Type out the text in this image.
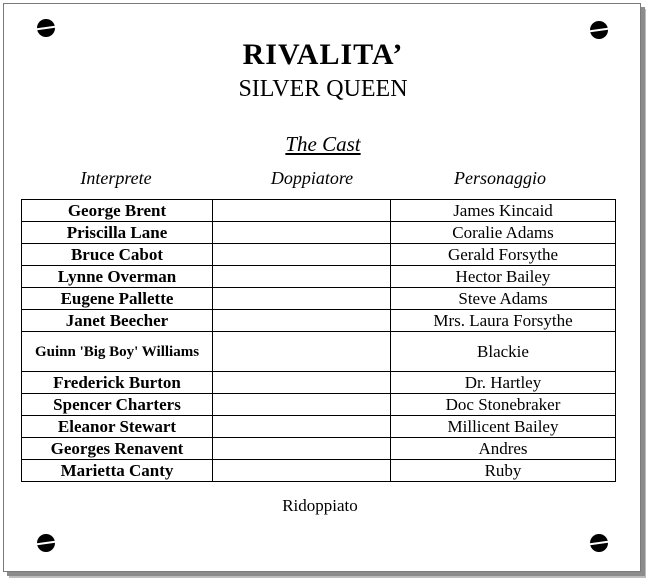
RIVALITA’
SILVER QUEEN
The Cast
Interprete	Doppiatore	Personaggio
George Brent		James Kincaid
Priscilla Lane		Coralie Adams
Bruce Cabot		Gerald Forsythe
Lynne Overman		Hector Bailey
Eugene Pallette		Steve Adams
Janet Beecher		Mrs. Laura Forsythe
Guinn 'Big Boy' Williams		Blackie
Frederick Burton		Dr. Hartley
Spencer Charters		Doc Stonebraker
Eleanor Stewart		Millicent Bailey
Georges Renavent		Andres
Marietta Canty		Ruby
Ridoppiato
